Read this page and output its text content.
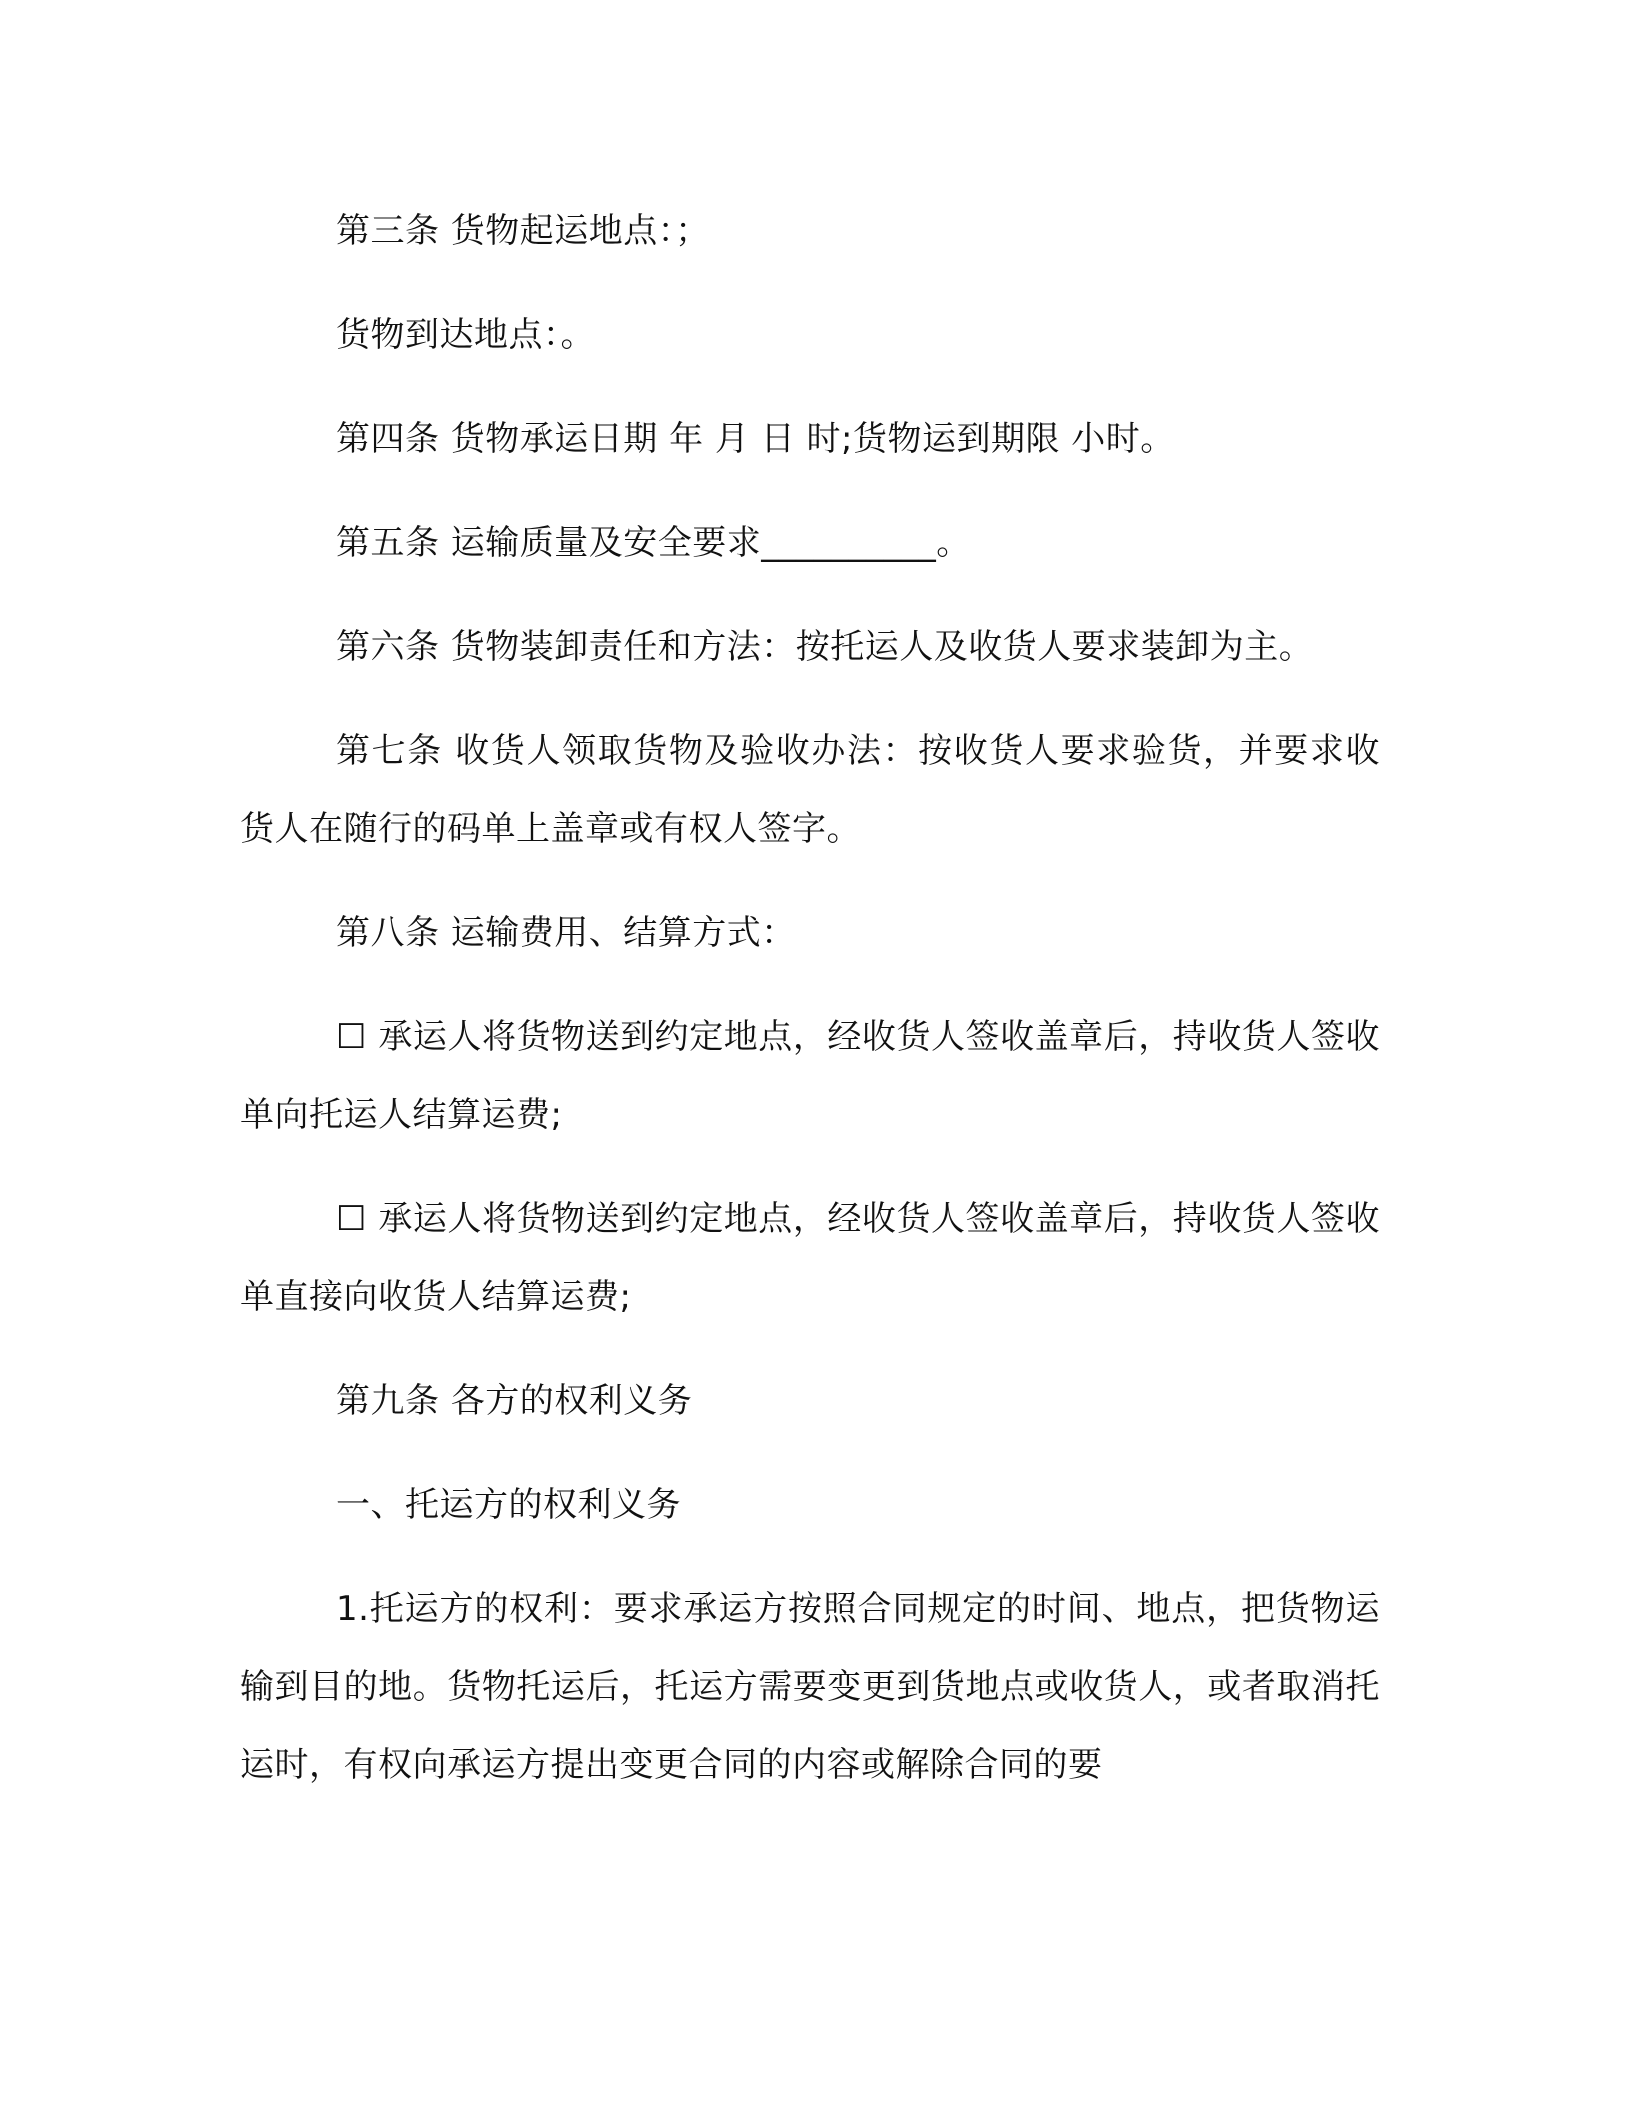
第三条 货物起运地点：；

货物到达地点：。

第四条 货物承运日期 年 月 日 时;货物运到期限 小时。

第五条 运输质量及安全要求__________。

第六条 货物装卸责任和方法：按托运人及收货人要求装卸为主。

第七条 收货人领取货物及验收办法：按收货人要求验货，并要求收货人在随行的码单上盖章或有权人签字。

第八条 运输费用、结算方式：

☐ 承运人将货物送到约定地点，经收货人签收盖章后，持收货人签收单向托运人结算运费;

☐ 承运人将货物送到约定地点，经收货人签收盖章后，持收货人签收单直接向收货人结算运费;

第九条 各方的权利义务

一、托运方的权利义务

1.托运方的权利：要求承运方按照合同规定的时间、地点，把货物运输到目的地。货物托运后，托运方需要变更到货地点或收货人，或者取消托运时，有权向承运方提出变更合同的内容或解除合同的要
